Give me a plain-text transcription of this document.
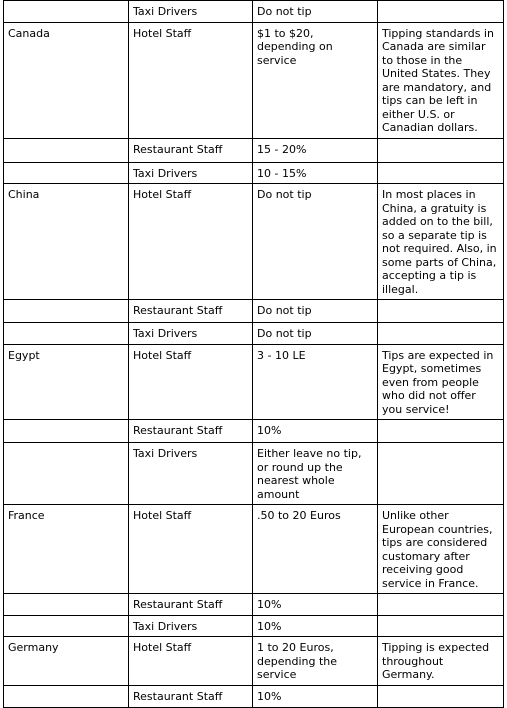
	Taxi Drivers	Do not tip	
Canada	Hotel Staff	$1 to $20, depending on service	Tipping standards in Canada are similar to those in the United States. They are mandatory, and tips can be left in either U.S. or Canadian dollars.
	Restaurant Staff	15 - 20%	
	Taxi Drivers	10 - 15%	
China	Hotel Staff	Do not tip	In most places in China, a gratuity is added on to the bill, so a separate tip is not required. Also, in some parts of China, accepting a tip is illegal.
	Restaurant Staff	Do not tip	
	Taxi Drivers	Do not tip	
Egypt	Hotel Staff	3 - 10 LE	Tips are expected in Egypt, sometimes even from people who did not offer you service!
	Restaurant Staff	10%	
	Taxi Drivers	Either leave no tip, or round up the nearest whole amount	
France	Hotel Staff	.50 to 20 Euros	Unlike other European countries, tips are considered customary after receiving good service in France.
	Restaurant Staff	10%	
	Taxi Drivers	10%	
Germany	Hotel Staff	1 to 20 Euros, depending the service	Tipping is expected throughout Germany.
	Restaurant Staff	10%	
